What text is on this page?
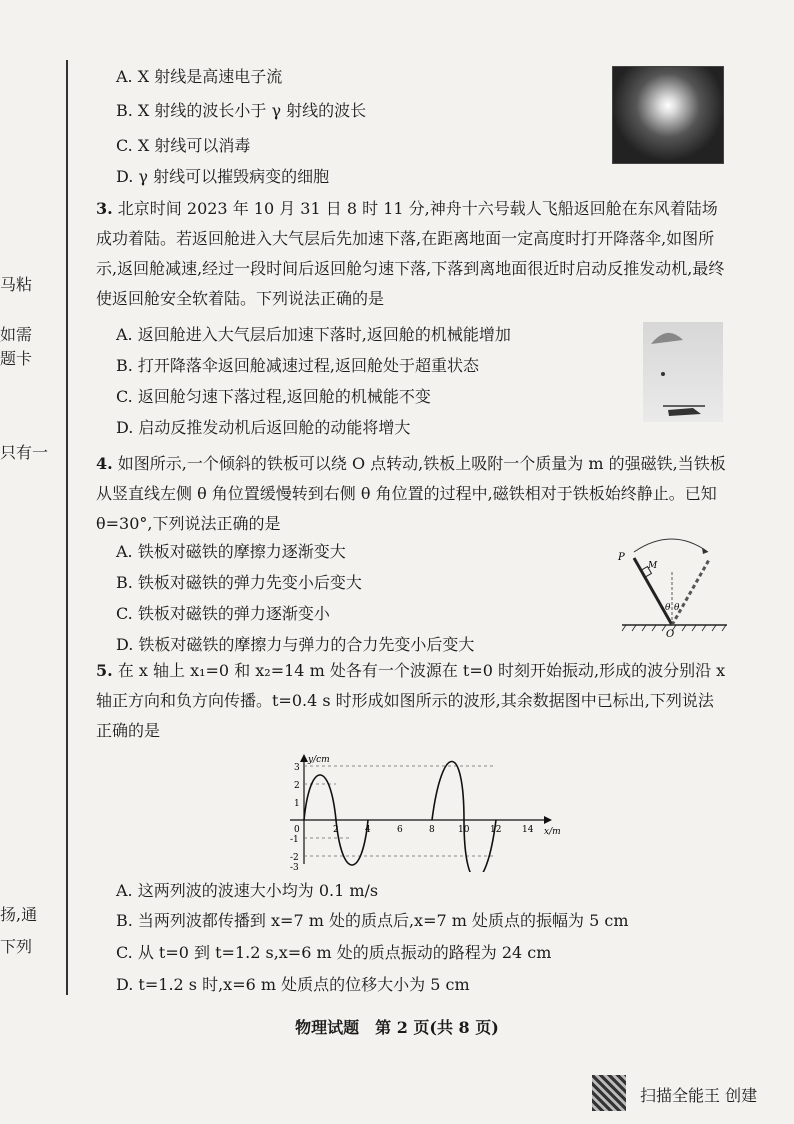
马粘
如需
题卡
只有一
扬,通
下列
A. X 射线是高速电子流
B. X 射线的波长小于 γ 射线的波长
C. X 射线可以消毒
D. γ 射线可以摧毁病变的细胞
3. 北京时间 2023 年 10 月 31 日 8 时 11 分,神舟十六号载人飞船返回舱在东风着陆场成功着陆。若返回舱进入大气层后先加速下落,在距离地面一定高度时打开降落伞,如图所示,返回舱减速,经过一段时间后返回舱匀速下落,下落到离地面很近时启动反推发动机,最终使返回舱安全软着陆。下列说法正确的是
A. 返回舱进入大气层后加速下落时,返回舱的机械能增加
B. 打开降落伞返回舱减速过程,返回舱处于超重状态
C. 返回舱匀速下落过程,返回舱的机械能不变
D. 启动反推发动机后返回舱的动能将增大
4. 如图所示,一个倾斜的铁板可以绕 O 点转动,铁板上吸附一个质量为 m 的强磁铁,当铁板从竖直线左侧 θ 角位置缓慢转到右侧 θ 角位置的过程中,磁铁相对于铁板始终静止。已知 θ=30°,下列说法正确的是
A. 铁板对磁铁的摩擦力逐渐变大
B. 铁板对磁铁的弹力先变小后变大
C. 铁板对磁铁的弹力逐渐变小
D. 铁板对磁铁的摩擦力与弹力的合力先变小后变大
P
M
O
θ θ
5. 在 x 轴上 x₁=0 和 x₂=14 m 处各有一个波源在 t=0 时刻开始振动,形成的波分别沿 x 轴正方向和负方向传播。t=0.4 s 时形成如图所示的波形,其余数据图中已标出,下列说法正确的是
y/cm
x/m
0
3
2
1
-1
-2
-3
2	4	6	8	10 12 14
A. 这两列波的波速大小均为 0.1 m/s
B. 当两列波都传播到 x=7 m 处的质点后,x=7 m 处质点的振幅为 5 cm
C. 从 t=0 到 t=1.2 s,x=6 m 处的质点振动的路程为 24 cm
D. t=1.2 s 时,x=6 m 处质点的位移大小为 5 cm
物理试题　第 2 页(共 8 页)
扫描全能王 创建
